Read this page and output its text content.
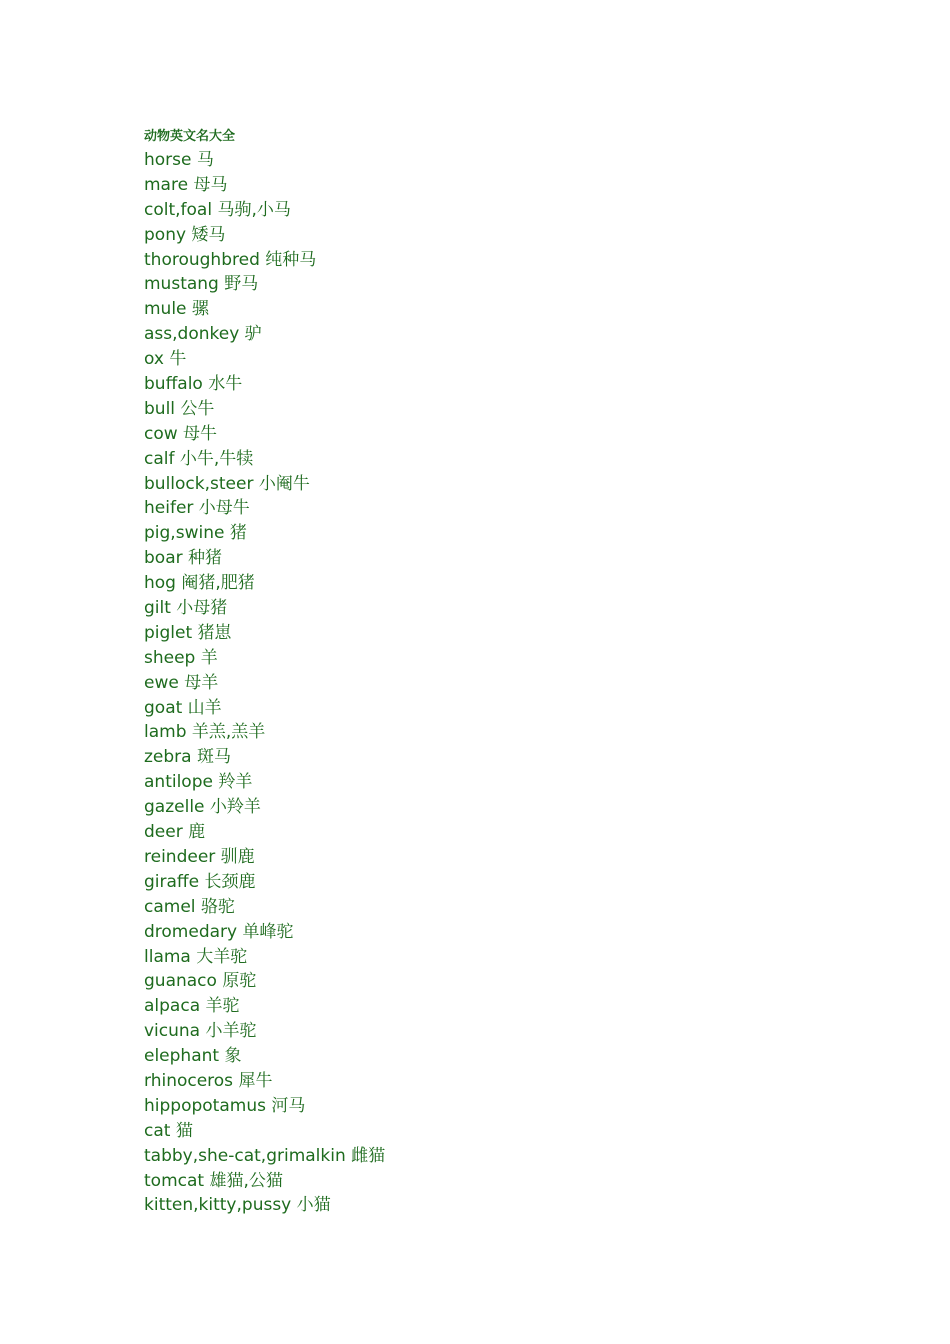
动物英文名大全
horse 马
mare 母马
colt,foal 马驹,小马
pony 矮马
thoroughbred 纯种马
mustang 野马
mule 骡
ass,donkey 驴
ox 牛
buffalo 水牛
bull 公牛
cow 母牛
calf 小牛,牛犊
bullock,steer 小阉牛
heifer 小母牛
pig,swine 猪
boar 种猪
hog 阉猪,肥猪
gilt 小母猪
piglet 猪崽
sheep 羊
ewe 母羊
goat 山羊
lamb 羊羔,羔羊
zebra 斑马
antilope 羚羊
gazelle 小羚羊
deer 鹿
reindeer 驯鹿
giraffe 长颈鹿
camel 骆驼
dromedary 单峰驼
llama 大羊驼
guanaco 原驼
alpaca 羊驼
vicuna 小羊驼
elephant 象
rhinoceros 犀牛
hippopotamus 河马
cat 猫
tabby,she-cat,grimalkin 雌猫
tomcat 雄猫,公猫
kitten,kitty,pussy 小猫
